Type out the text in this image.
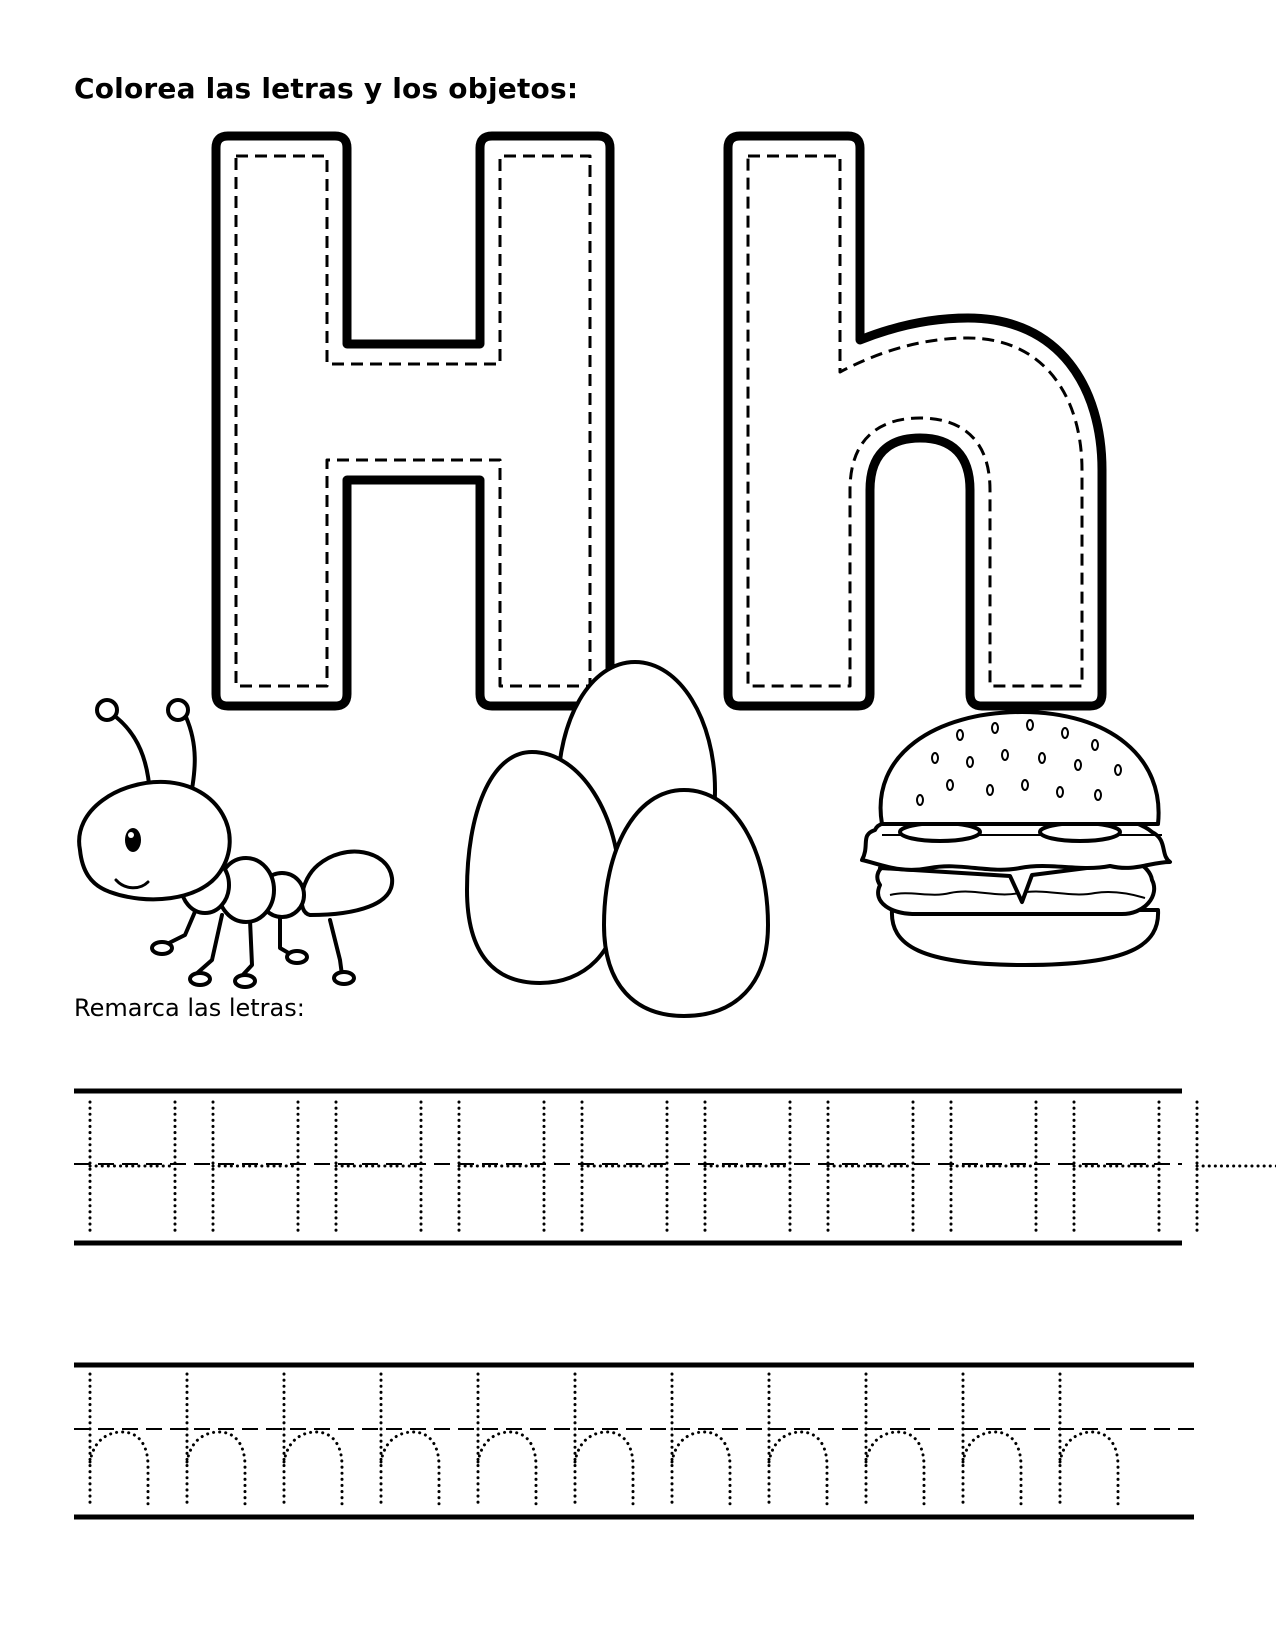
Colorea las letras y los objetos:
Remarca las letras:
